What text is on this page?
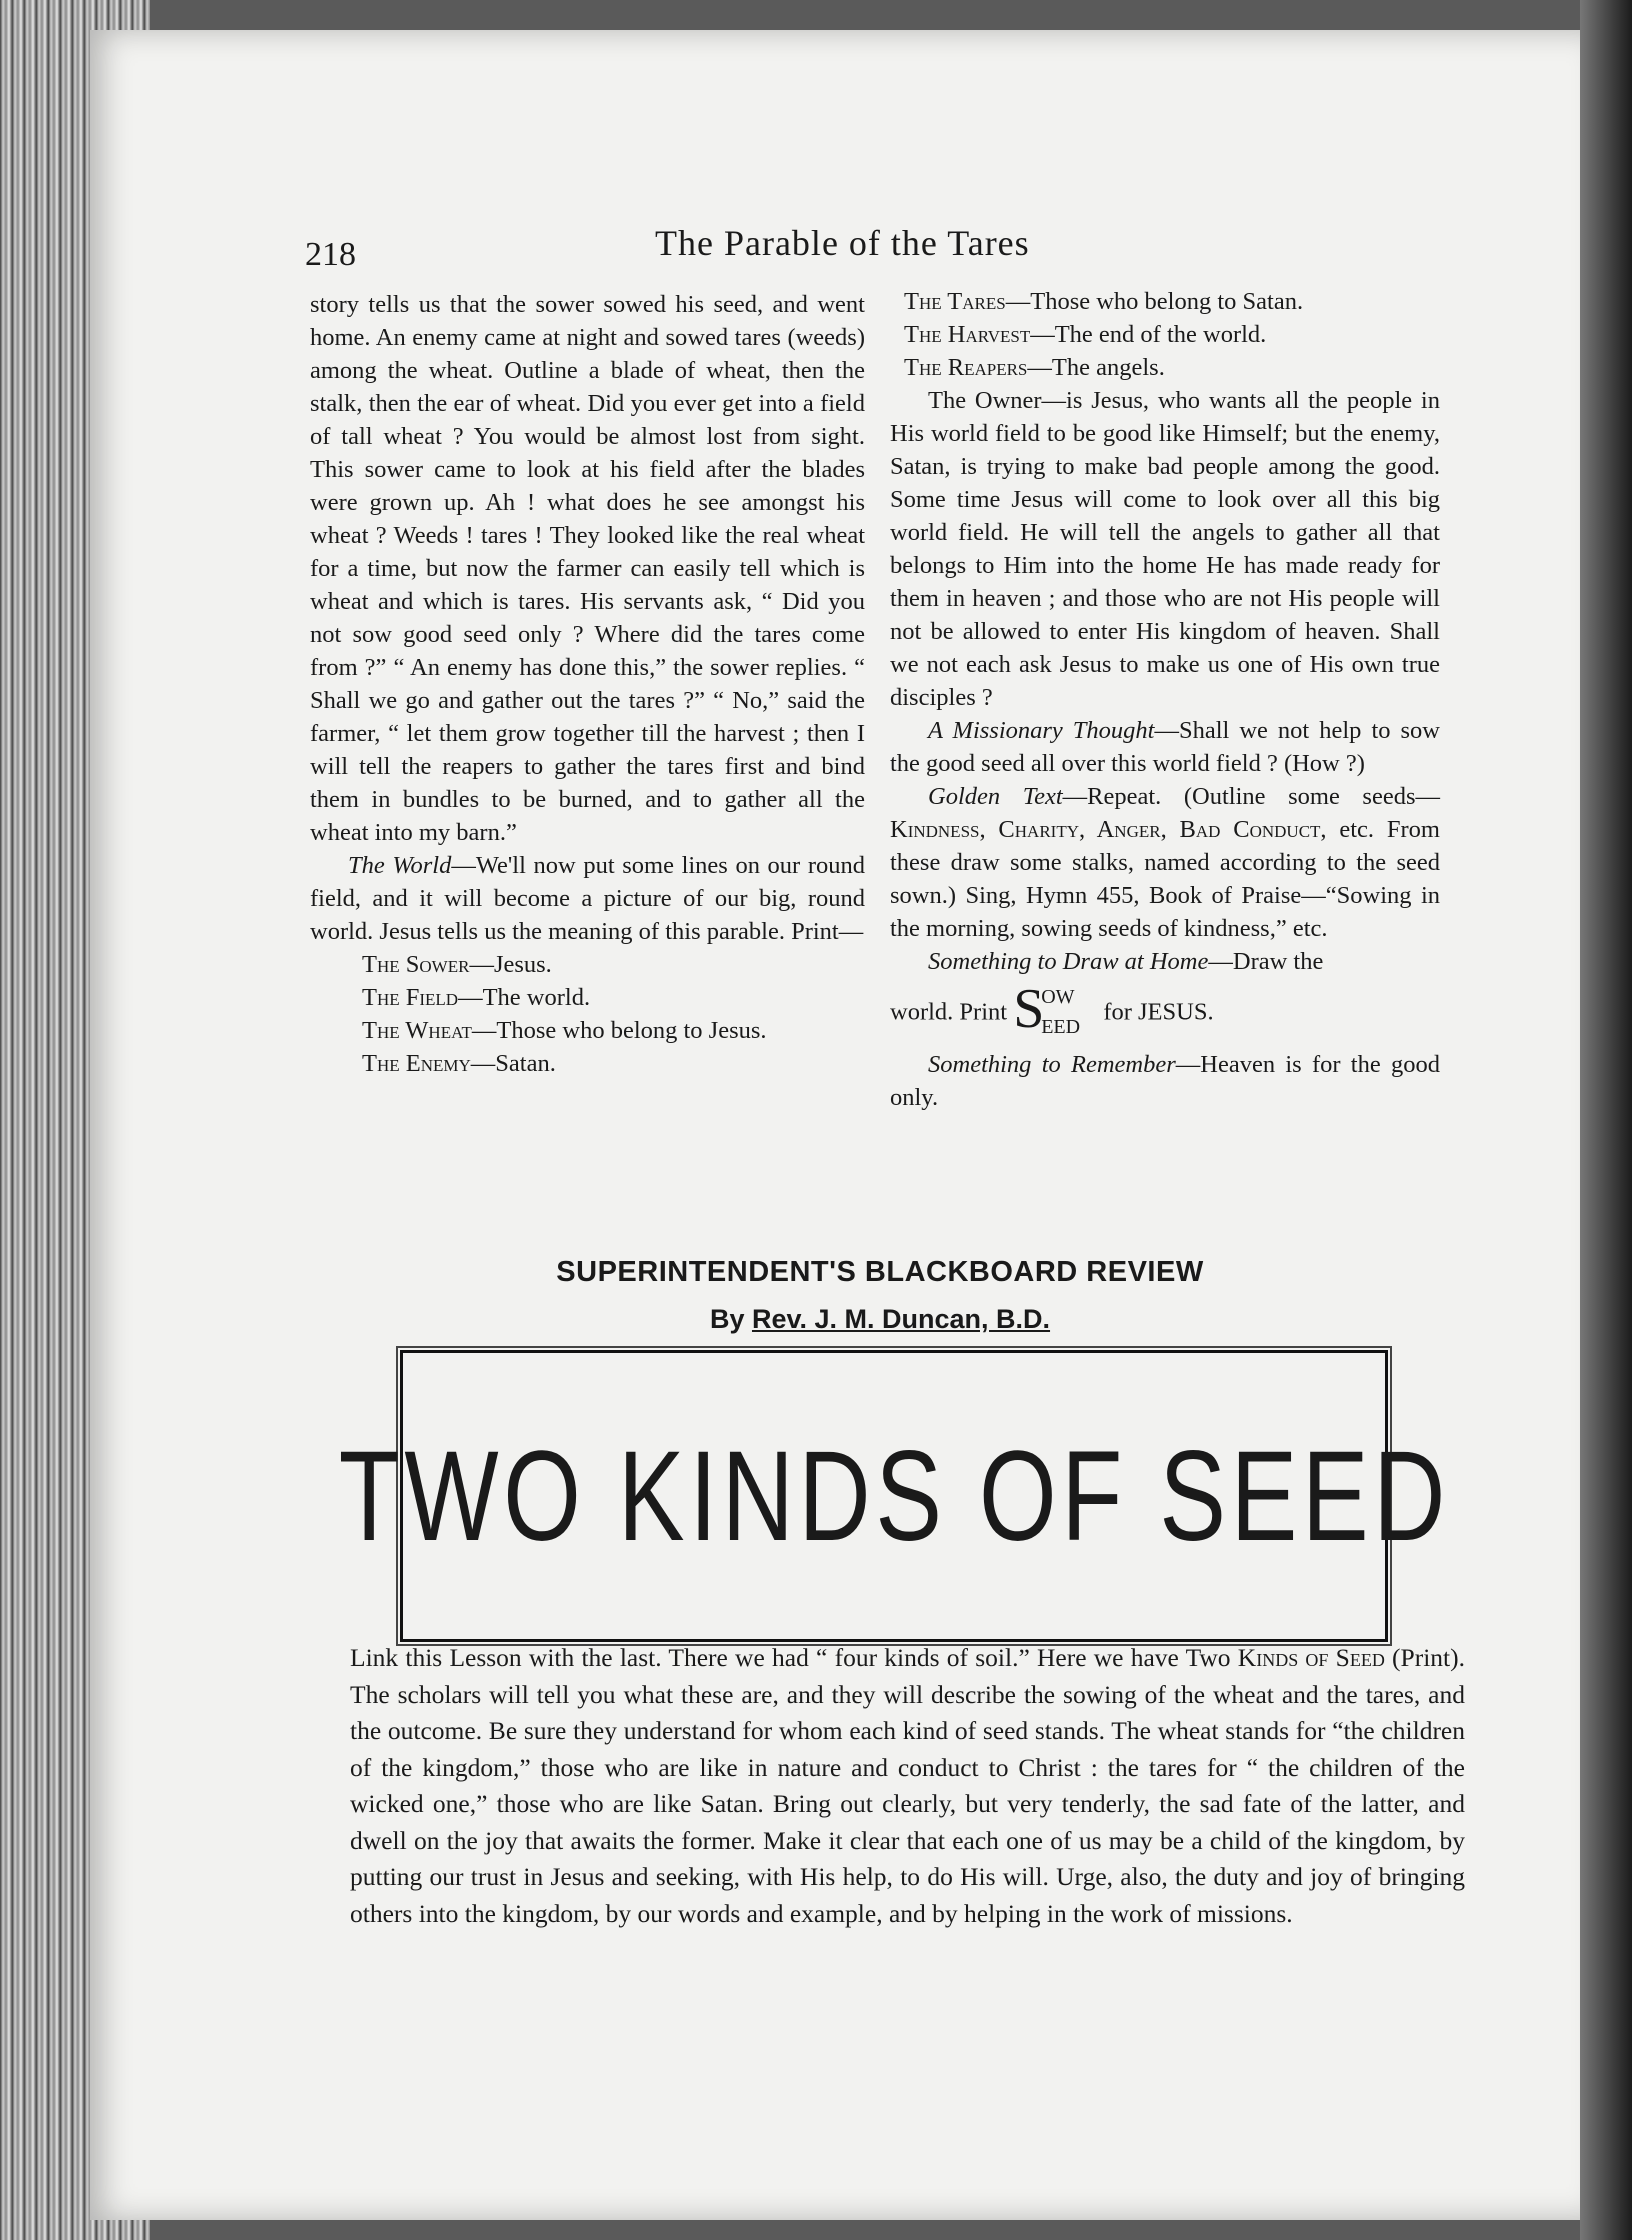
218	The Parable of the Tares

story tells us that the sower sowed his seed, and went home. An enemy came at night and sowed tares (weeds) among the wheat. Outline a blade of wheat, then the stalk, then the ear of wheat. Did you ever get into a field of tall wheat ? You would be almost lost from sight. This sower came to look at his field after the blades were grown up. Ah ! what does he see amongst his wheat ? Weeds ! tares ! They looked like the real wheat for a time, but now the farmer can easily tell which is wheat and which is tares. His servants ask, “ Did you not sow good seed only ? Where did the tares come from ?” “ An enemy has done this,” the sower replies. “ Shall we go and gather out the tares ?” “ No,” said the farmer, “ let them grow together till the harvest ; then I will tell the reapers to gather the tares first and bind them in bundles to be burned, and to gather all the wheat into my barn.”

The World—We'll now put some lines on our round field, and it will become a picture of our big, round world. Jesus tells us the meaning of this parable. Print—

The Sower—Jesus.

The Field—The world.

The Wheat—Those who belong to Jesus.

The Enemy—Satan.

The Tares—Those who belong to Satan.

The Harvest—The end of the world.

The Reapers—The angels.

The Owner—is Jesus, who wants all the people in His world field to be good like Himself; but the enemy, Satan, is trying to make bad people among the good. Some time Jesus will come to look over all this big world field. He will tell the angels to gather all that belongs to Him into the home He has made ready for them in heaven ; and those who are not His people will not be allowed to enter His kingdom of heaven. Shall we not each ask Jesus to make us one of His own true disciples ?

A Missionary Thought—Shall we not help to sow the good seed all over this world field ? (How ?)

Golden Text—Repeat. (Outline some seeds—Kindness, Charity, Anger, Bad Conduct, etc. From these draw some stalks, named according to the seed sown.) Sing, Hymn 455, Book of Praise—“Sowing in the morning, sowing seeds of kindness,” etc.

Something to Draw at Home—Draw the

world. Print S
OW
EED
for JESUS.

Something to Remember—Heaven is for the good only.

SUPERINTENDENT'S BLACKBOARD REVIEW
By Rev. J. M. Duncan, B.D.
TWO KINDS OF SEED

Link this Lesson with the last. There we had “ four kinds of soil.” Here we have Two Kinds of Seed (Print). The scholars will tell you what these are, and they will describe the sowing of the wheat and the tares, and the outcome. Be sure they understand for whom each kind of seed stands. The wheat stands for “the children of the kingdom,” those who are like in nature and conduct to Christ : the tares for “ the children of the wicked one,” those who are like Satan. Bring out clearly, but very tenderly, the sad fate of the latter, and dwell on the joy that awaits the former. Make it clear that each one of us may be a child of the kingdom, by putting our trust in Jesus and seeking, with His help, to do His will. Urge, also, the duty and joy of bringing others into the kingdom, by our words and example, and by helping in the work of missions.
